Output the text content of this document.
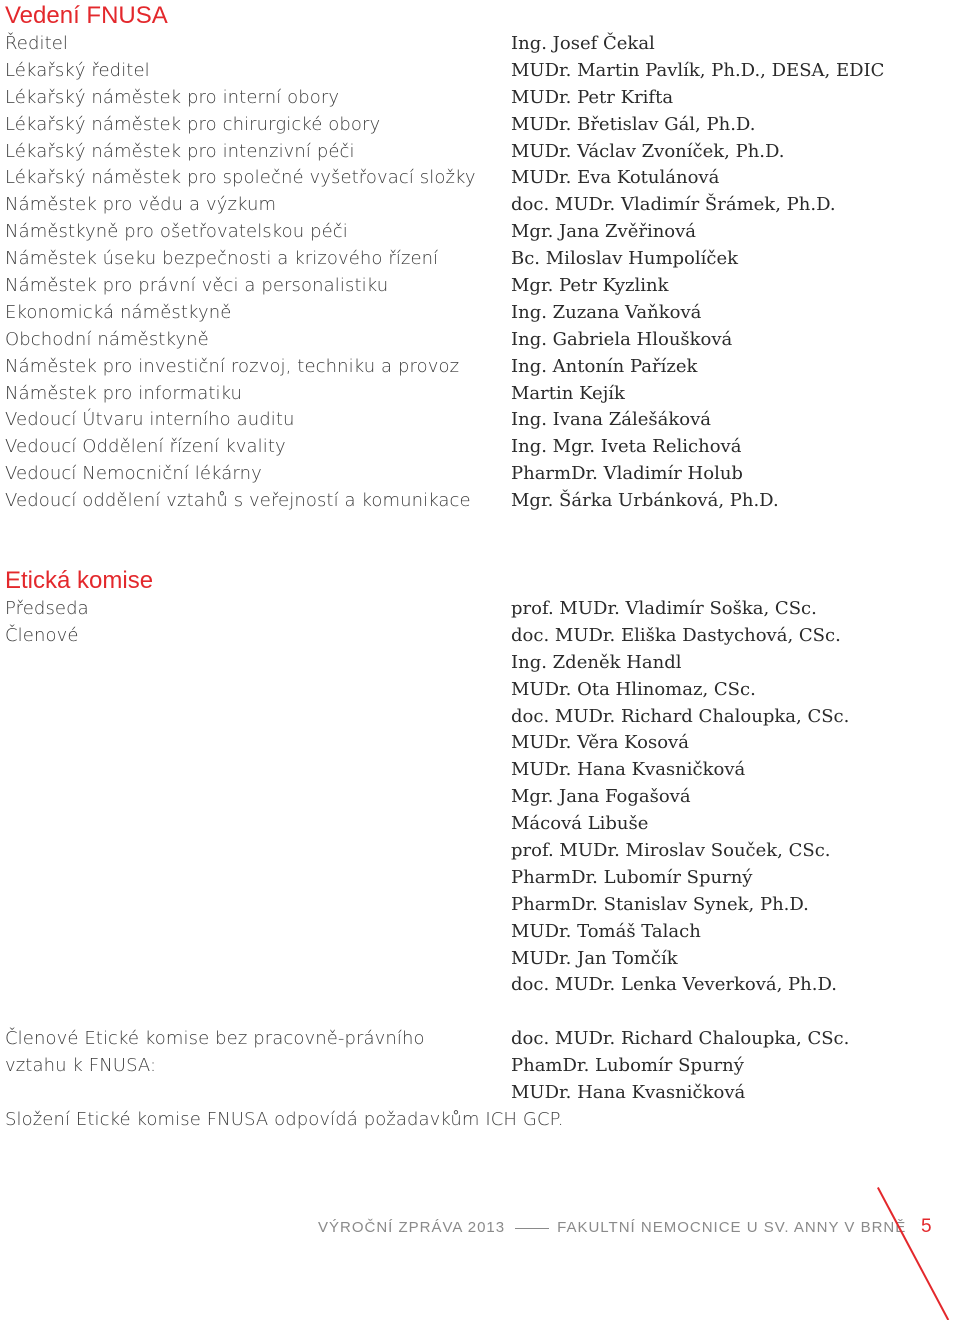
Vedení FNUSA
Ředitel	Ing. Josef Čekal
Lékařský ředitel	MUDr. Martin Pavlík, Ph.D., DESA, EDIC
Lékařský náměstek pro interní obory	MUDr. Petr Krifta
Lékařský náměstek pro chirurgické obory	MUDr. Břetislav Gál, Ph.D.
Lékařský náměstek pro intenzivní péči	MUDr. Václav Zvoníček, Ph.D.
Lékařský náměstek pro společné vyšetřovací složky MUDr. Eva Kotulánová
Náměstek pro vědu a výzkum	doc. MUDr. Vladimír Šrámek, Ph.D.
Náměstkyně pro ošetřovatelskou péči	Mgr. Jana Zvěřinová
Náměstek úseku bezpečnosti a krizového řízení	Bc. Miloslav Humpolíček
Náměstek pro právní věci a personalistiku	Mgr. Petr Kyzlink
Ekonomická náměstkyně	Ing. Zuzana Vaňková
Obchodní náměstkyně	Ing. Gabriela Hloušková
Náměstek pro investiční rozvoj, techniku a provoz	Ing. Antonín Pařízek
Náměstek pro informatiku	Martin Kejík
Vedoucí Útvaru interního auditu	Ing. Ivana Zálešáková
Vedoucí Oddělení řízení kvality	Ing. Mgr. Iveta Relichová
Vedoucí Nemocniční lékárny	PharmDr. Vladimír Holub
Vedoucí oddělení vztahů s veřejností a komunikace Mgr. Šárka Urbánková, Ph.D.
Etická komise
Předseda	prof. MUDr. Vladimír Soška, CSc.
Členové	doc. MUDr. Eliška Dastychová, CSc.
Ing. Zdeněk Handl
MUDr. Ota Hlinomaz, CSc.
doc. MUDr. Richard Chaloupka, CSc.
MUDr. Věra Kosová
MUDr. Hana Kvasničková
Mgr. Jana Fogašová
Mácová Libuše
prof. MUDr. Miroslav Souček, CSc.
PharmDr. Lubomír Spurný
PharmDr. Stanislav Synek, Ph.D.
MUDr. Tomáš Talach
MUDr. Jan Tomčík
doc. MUDr. Lenka Veverková, Ph.D.
Členové Etické komise bez pracovně-právního	doc. MUDr. Richard Chaloupka, CSc.
vztahu k FNUSA:	PhamDr. Lubomír Spurný
MUDr. Hana Kvasničková
Složení Etické komise FNUSA odpovídá požadavkům ICH GCP.
VÝROČNÍ ZPRÁVA 2013	FAKULTNÍ NEMOCNICE U SV. ANNY V BRNĚ 5
